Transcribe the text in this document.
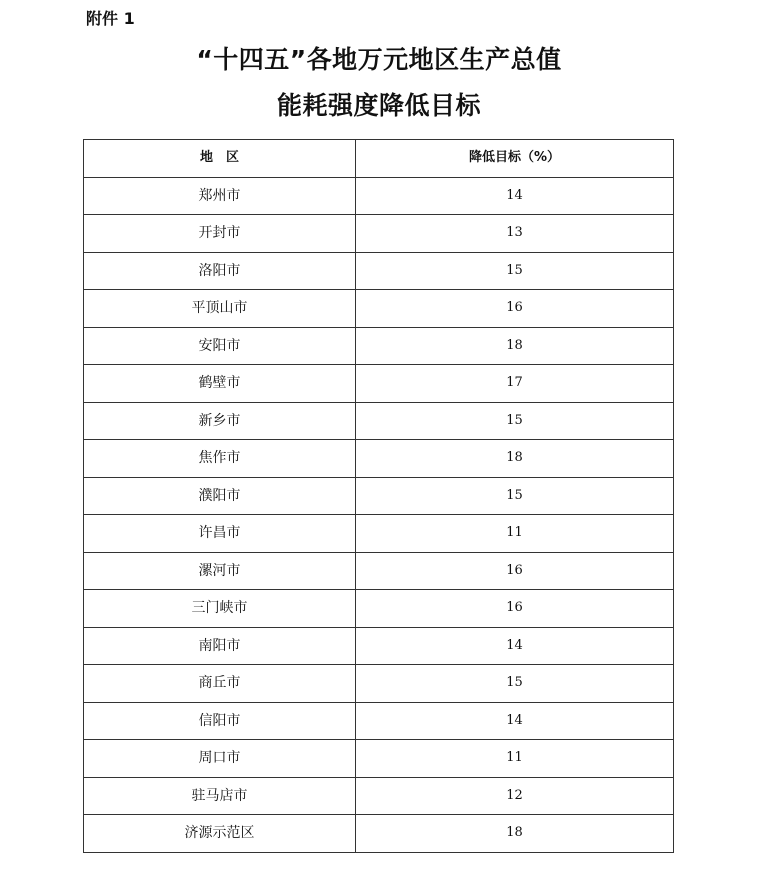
附件 1
“十四五”各地万元地区生产总值
能耗强度降低目标
地　区	降低目标（%）
郑州市	14
开封市	13
洛阳市	15
平顶山市	16
安阳市	18
鹤壁市	17
新乡市	15
焦作市	18
濮阳市	15
许昌市	11
漯河市	16
三门峡市	16
南阳市	14
商丘市	15
信阳市	14
周口市	11
驻马店市	12
济源示范区	18
